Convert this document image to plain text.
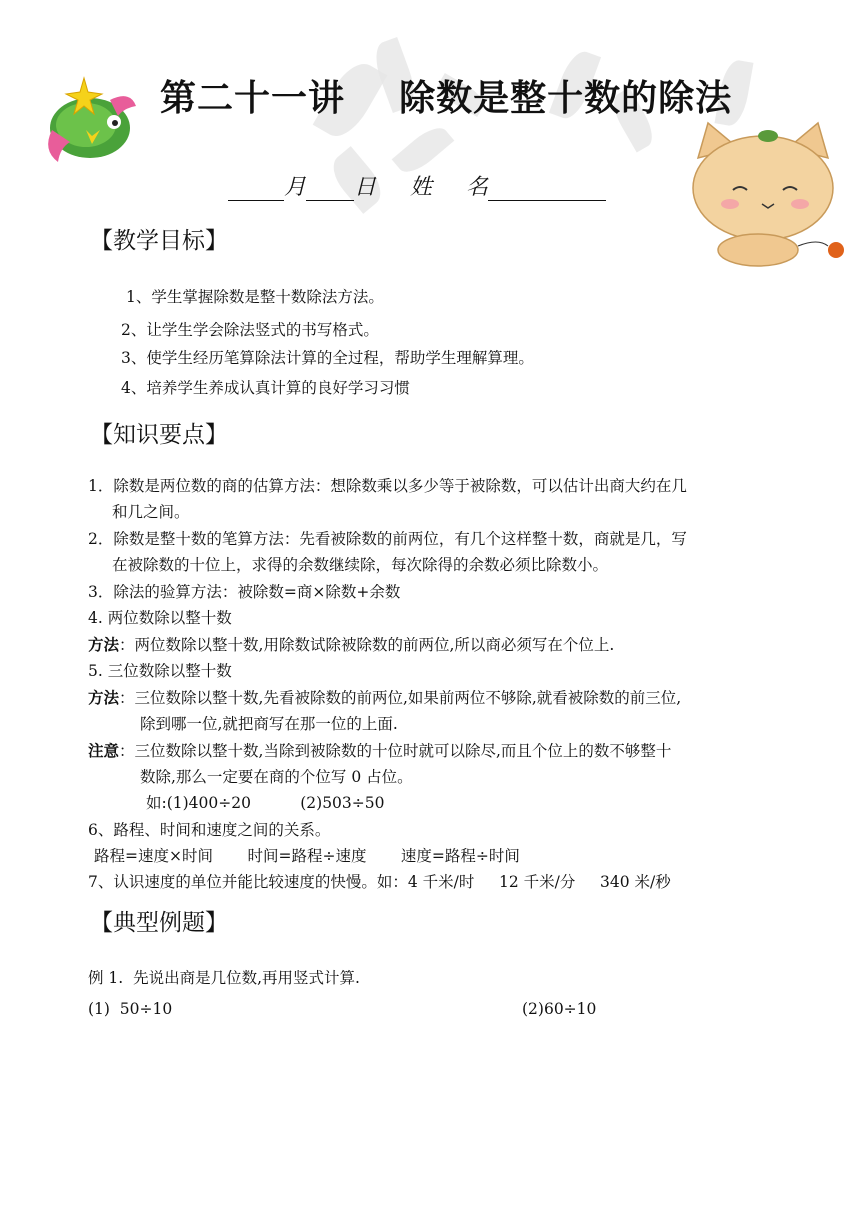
第二十一讲    除数是整十数的除法
月 日 姓 名
【教学目标】
1、学生掌握除数是整十数除法方法。
2、让学生学会除法竖式的书写格式。
3、使学生经历笔算除法计算的全过程，帮助学生理解算理。
4、培养学生养成认真计算的良好学习习惯
【知识要点】
1．除数是两位数的商的估算方法：想除数乘以多少等于被除数，可以估计出商大约在几
和几之间。
2．除数是整十数的笔算方法：先看被除数的前两位，有几个这样整十数，商就是几，写
在被除数的十位上，求得的余数继续除，每次除得的余数必须比除数小。
3．除法的验算方法：被除数=商×除数+余数
4. 两位数除以整十数
方法：两位数除以整十数,用除数试除被除数的前两位,所以商必须写在个位上.
5. 三位数除以整十数
方法：三位数除以整十数,先看被除数的前两位,如果前两位不够除,就看被除数的前三位,
除到哪一位,就把商写在那一位的上面.
注意：三位数除以整十数,当除到被除数的十位时就可以除尽,而且个位上的数不够整十
数除,那么一定要在商的个位写 0 占位。
如:(1)400÷20          (2)503÷50
6、路程、时间和速度之间的关系。
路程=速度×时间       时间=路程÷速度       速度=路程÷时间
7、认识速度的单位并能比较速度的快慢。如：4 千米/时     12 千米/分     340 米/秒
【典型例题】
例 1.  先说出商是几位数,再用竖式计算.
(1)  50÷10	(2)60÷10
